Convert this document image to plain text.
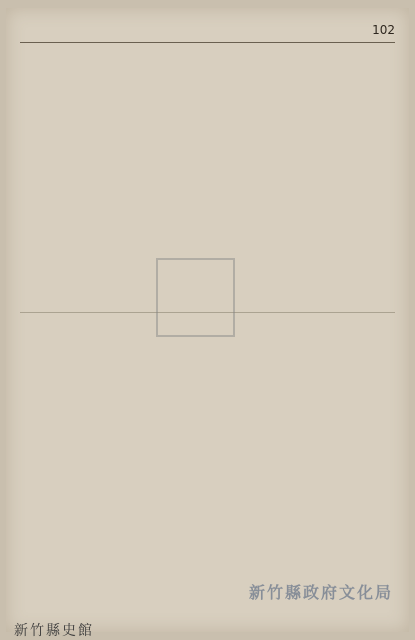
102
新竹縣政府文化局
新竹縣史館
